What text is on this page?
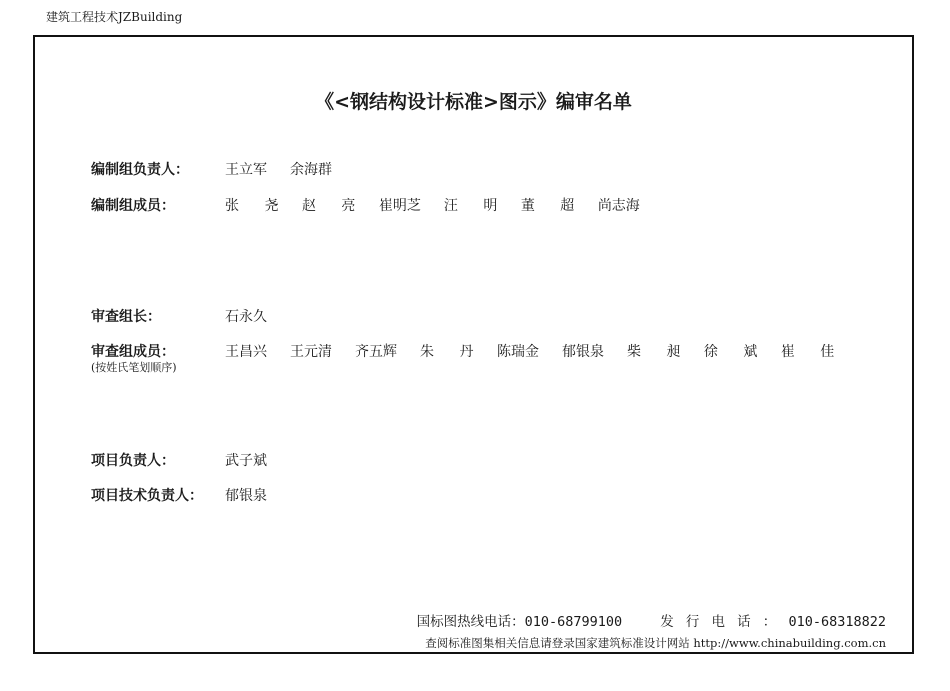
建筑工程技术JZBuilding
《<钢结构设计标准>图示》编审名单
编制组负责人：	王立军 余海群
编制组成员：	张 尧 赵 亮 崔明芝 汪 明 董 超 尚志海
审查组长：	石永久
审查组成员：
(按姓氏笔划顺序)
王昌兴 王元清 齐五辉 朱 丹 陈瑞金 郁银泉 柴 昶 徐 斌 崔 佳
项目负责人：	武子斌
项目技术负责人： 郁银泉
国标图热线电话：010-68799100	发行电话：010-68318822
查阅标准图集相关信息请登录国家建筑标准设计网站 http://www.chinabuilding.com.cn
